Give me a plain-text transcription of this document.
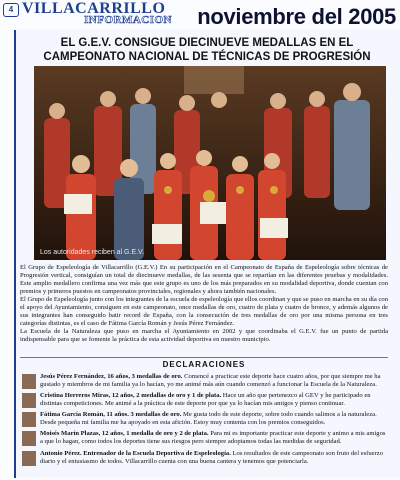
4 VILLACARRILLO
INFORMACION noviembre del 2005
EL G.E.V. CONSIGUE DIECINUEVE MEDALLAS EN EL
CAMPEONATO NACIONAL DE TÉCNICAS DE PROGRESIÓN
Los autoridades reciben al G.E.V.

El Grupo de Espeleología de Villacarrillo (G.E.V.) En su participación en el Campeonato de España de Espeleología sobre técnicas de Progresión vertical, consiguían un total de diecinueve medallas, de las sesenta que se repartían en las diferentes pruebas y modalidades. Este amplio medallero confirma una vez más que este grupo es uno de los más preparados en su modalidad deportiva, donde cuentan con premios y primeros puestos en campeonatos provinciales, regionales y ahora también nacionales.

El Grupo de Espeleología junto con los integrantes de la escuela de espeleología que ellos coordinan y que se puso en marcha en su día con el apoyo del Ayuntamiento, consiguen en este campeonato, once medallas de oro, cuatro de plata y cuatro de bronce, y además algunos de sus integrantes han conseguido batir record de España, con la consecución de tres medallas de oro por una misma persona en tres categorías distintas, es el caso de Fátima García Román y Jesús Pérez Fernández.

La Escuela de la Naturaleza que puso en marcha el Ayuntamiento en 2002 y que coordinaba el G.E.V. fue un punto de partida indispensable para que se fomente la práctica de esta actividad deportiva en nuestro municipio.

DECLARACIONES
Jesús Pérez Fernández, 16 años, 3 medallas de oro. Comencé a practicar este deporte hace cuatro años, por que siempre me ha gustado y miembros de mi familia ya lo hacían, yo me animé más aún cuando comenzó a funcionar la Escuela de la Naturaleza.
Cristina Herreros Miras, 12 años, 2 medallas de oro y 1 de plata. Hace un año que pertenezco al GEV y he participado en distintas competiciones. Me animé a la práctica de este deporte por que ya lo hacían mis amigos y pienso continuar.
Fátima García Román, 11 años. 3 medallas de oro. Me gusta todo de este deporte, sobre todo cuando salimos a la naturaleza. Desde pequeña mi familia me ha apoyado en esta afición. Estoy muy contenta con los premios conseguidos.
Moisés Marín Plazas, 12 años, 1 medalla de oro y 2 de plata. Para mi es importante practicar este deporte y animo a mis amigos a que lo hagan, como todos los deportes tiene sus riesgos pero siempre adoptamos todas las medidas de seguridad.
Antonio Pérez. Entrenador de la Escuela Deportiva de Espeleología. Los resultados de este campeonato son fruto del esfuerzo diario y el entusiasmo de todos. Villacarrillo cuenta con una buena cantera y tenemos que potenciarla.
